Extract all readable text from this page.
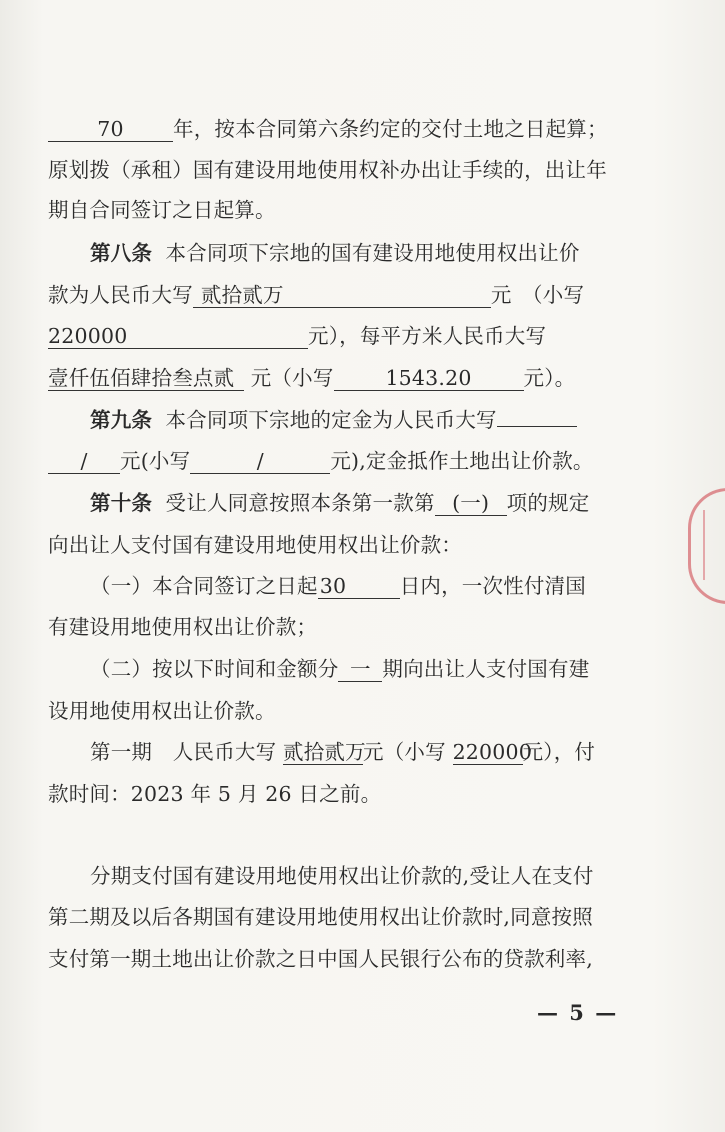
70 年，按本合同第六条约定的交付土地之日起算；
原划拨（承租）国有建设用地使用权补办出让手续的，出让年
期自合同签订之日起算。
第八条 本合同项下宗地的国有建设用地使用权出让价
款为人民币大写 贰拾贰万	元　（小写
220000	元），每平方米人民币大写
壹仟伍佰肆拾叁点贰 元（小写	1543.20	元）。
第九条 本合同项下宗地的定金为人民币大写
/ 元(小写	/	元),定金抵作土地出让价款。
第十条 受让人同意按照本条第一款第 (一) 项的规定
向出让人支付国有建设用地使用权出让价款：
（一）本合同签订之日起30	日内，一次性付清国
有建设用地使用权出让价款；
（二）按以下时间和金额分 一 期向出让人支付国有建
设用地使用权出让价款。
第一期　人民币大写 贰拾贰万元（小写 220000元），付
款时间：2023 年 5 月 26 日之前。
分期支付国有建设用地使用权出让价款的,受让人在支付
第二期及以后各期国有建设用地使用权出让价款时,同意按照
支付第一期土地出让价款之日中国人民银行公布的贷款利率,
— 5 —
